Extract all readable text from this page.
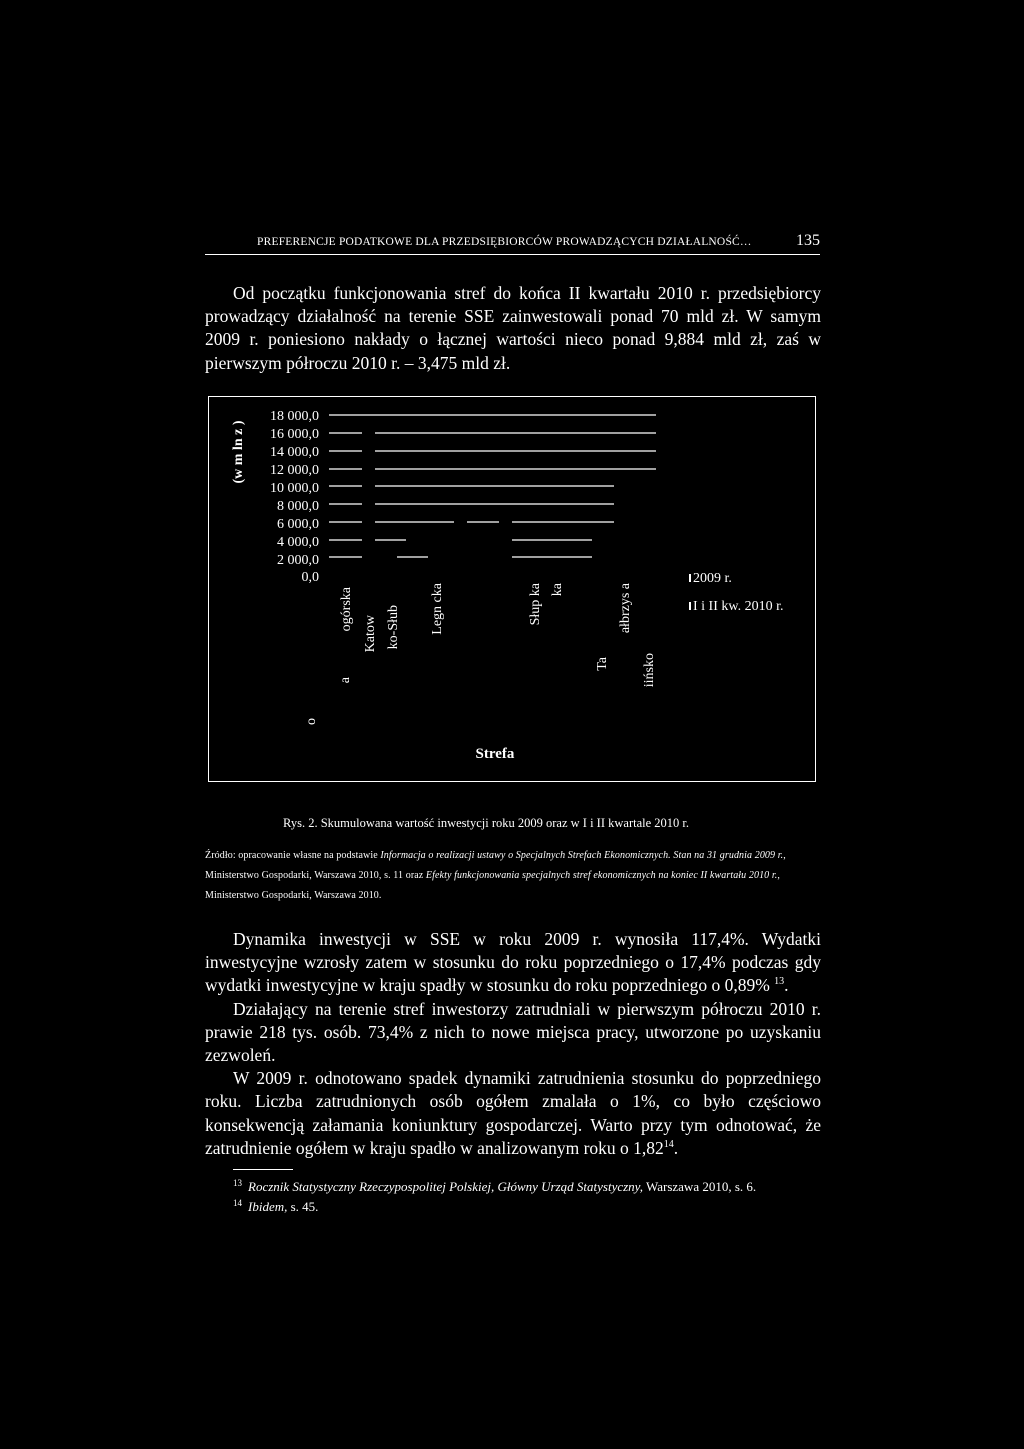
PREFERENCJE PODATKOWE DLA PRZEDSIĘBIORCÓW PROWADZĄCYCH DZIAŁALNOŚĆ…	135

Od początku funkcjonowania stref do końca II kwartału 2010 r. przedsiębiorcy prowadzący działalność na terenie SSE zainwestowali ponad 70 mld zł. W samym 2009 r. poniesiono nakłady o łącznej wartości nieco ponad 9,884 mld zł, zaś w pierwszym półroczu 2010 r. – 3,475 mld zł.

(w m ln z )
18 000,0
16 000,0
14 000,0
12 000,0
10 000,0
8 000,0
6 000,0
4 000,0
2 000,0
0,0
a
ogórska
Katow
o
ko-Słub Legn cka	Słup ka ka
Ta
ałbrzys a
iińsko
2009 r.
I i II kw. 2010 r.
Strefa
Rys. 2. Skumulowana wartość inwestycji roku 2009 oraz w I i II kwartale 2010 r.
Źródło: opracowanie własne na podstawie Informacja o realizacji ustawy o Specjalnych Strefach Ekonomicznych. Stan na 31 grudnia 2009 r., Ministerstwo Gospodarki, Warszawa 2010, s. 11 oraz Efekty funkcjonowania specjalnych stref ekonomicznych na koniec II kwartału 2010 r., Ministerstwo Gospodarki, Warszawa 2010.

Dynamika inwestycji w SSE w roku 2009 r. wynosiła 117,4%. Wydatki inwestycyjne wzrosły zatem w stosunku do roku poprzedniego o 17,4% podczas gdy wydatki inwestycyjne w kraju spadły w stosunku do roku poprzedniego o 0,89% $^{13}$.

Działający na terenie stref inwestorzy zatrudniali w pierwszym półroczu 2010 r. prawie 218 tys. osób. 73,4% z nich to nowe miejsca pracy, utworzone po uzyskaniu zezwoleń.

W 2009 r. odnotowano spadek dynamiki zatrudnienia stosunku do poprzedniego roku. Liczba zatrudnionych osób ogółem zmalała o 1%, co było częściowo konsekwencją załamania koniunktury gospodarczej. Warto przy tym odnotować, że zatrudnienie ogółem w kraju spadło w analizowanym roku o 1,82$^{14}$.

$^{13}$ Rocznik Statystyczny Rzeczypospolitej Polskiej, Główny Urząd Statystyczny, Warszawa 2010, s. 6.
$^{14}$ Ibidem, s. 45.
